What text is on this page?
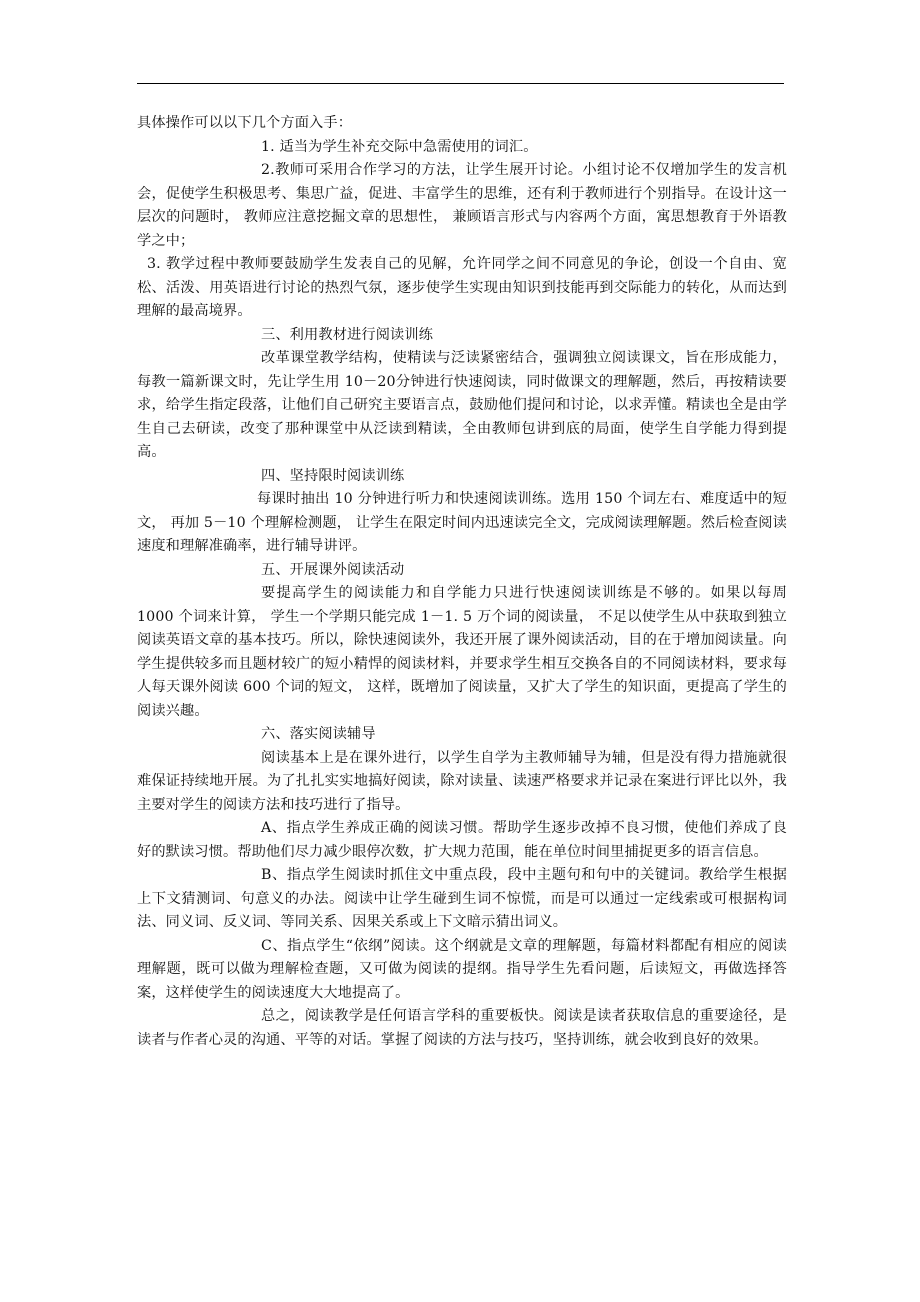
具体操作可以以下几个方面入手：

1. 适当为学生补充交际中急需使用的词汇。

2.教师可采用合作学习的方法，让学生展开讨论。小组讨论不仅增加学生的发言机会，促使学生积极思考、集思广益，促进、丰富学生的思维，还有利于教师进行个别指导。在设计这一层次的问题时， 教师应注意挖掘文章的思想性， 兼顾语言形式与内容两个方面，寓思想教育于外语教学之中；

3. 教学过程中教师要鼓励学生发表自己的见解，允许同学之间不同意见的争论，创设一个自由、宽松、活泼、用英语进行讨论的热烈气氛，逐步使学生实现由知识到技能再到交际能力的转化，从而达到理解的最高境界。

三、利用教材进行阅读训练

改革课堂教学结构，使精读与泛读紧密结合，强调独立阅读课文，旨在形成能力，每教一篇新课文时，先让学生用 10－20分钟进行快速阅读，同时做课文的理解题，然后，再按精读要求，给学生指定段落，让他们自己研究主要语言点，鼓励他们提问和讨论，以求弄懂。精读也全是由学生自己去研读，改变了那种课堂中从泛读到精读，全由教师包讲到底的局面，使学生自学能力得到提高。

四、坚持限时阅读训练

每课时抽出 10 分钟进行听力和快速阅读训练。选用 150 个词左右、难度适中的短文， 再加 5－10 个理解检测题， 让学生在限定时间内迅速读完全文，完成阅读理解题。然后检查阅读速度和理解准确率，进行辅导讲评。

五、开展课外阅读活动

要提高学生的阅读能力和自学能力只进行快速阅读训练是不够的。如果以每周 1000 个词来计算， 学生一个学期只能完成 1－1. 5 万个词的阅读量， 不足以使学生从中获取到独立阅读英语文章的基本技巧。所以，除快速阅读外，我还开展了课外阅读活动，目的在于增加阅读量。向学生提供较多而且题材较广的短小精悍的阅读材料，并要求学生相互交换各自的不同阅读材料，要求每人每天课外阅读 600 个词的短文， 这样，既增加了阅读量，又扩大了学生的知识面，更提高了学生的阅读兴趣。

六、落实阅读辅导

阅读基本上是在课外进行，以学生自学为主教师辅导为辅，但是没有得力措施就很难保证持续地开展。为了扎扎实实地搞好阅读，除对读量、读速严格要求并记录在案进行评比以外，我主要对学生的阅读方法和技巧进行了指导。

A、指点学生养成正确的阅读习惯。帮助学生逐步改掉不良习惯，使他们养成了良好的默读习惯。帮助他们尽力减少眼停次数，扩大规力范围，能在单位时间里捕捉更多的语言信息。

B、指点学生阅读时抓住文中重点段，段中主题句和句中的关键词。教给学生根据上下文猜测词、句意义的办法。阅读中让学生碰到生词不惊慌，而是可以通过一定线索或可根据构词法、同义词、反义词、等同关系、因果关系或上下文暗示猜出词义。

C、指点学生“依纲”阅读。这个纲就是文章的理解题，每篇材料都配有相应的阅读理解题，既可以做为理解检查题，又可做为阅读的提纲。指导学生先看问题，后读短文，再做选择答案，这样使学生的阅读速度大大地提高了。

总之，阅读教学是任何语言学科的重要板快。阅读是读者获取信息的重要途径，是读者与作者心灵的沟通、平等的对话。掌握了阅读的方法与技巧，坚持训练，就会收到良好的效果。
